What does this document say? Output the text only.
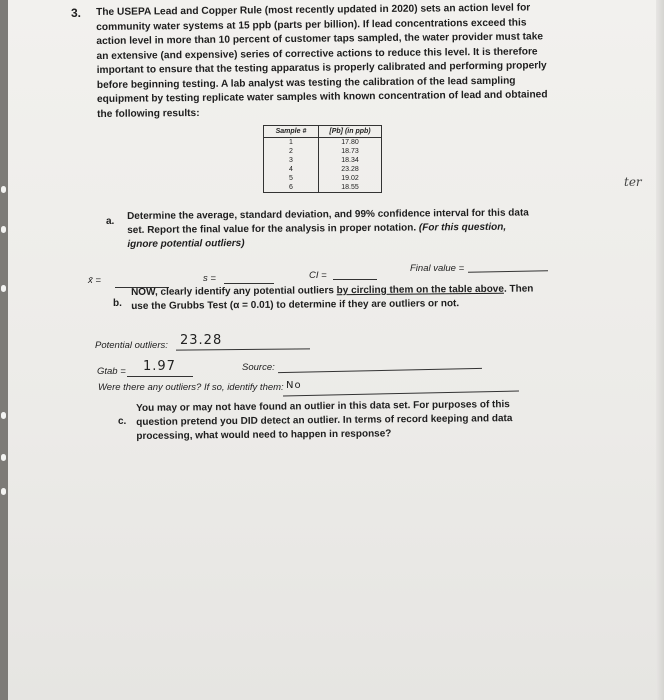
3. The USEPA Lead and Copper Rule (most recently updated in 2020) sets an action level for community water systems at 15 ppb (parts per billion). If lead concentrations exceed this action level in more than 10 percent of customer taps sampled, the water provider must take an extensive (and expensive) series of corrective actions to reduce this level. It is therefore important to ensure that the testing apparatus is properly calibrated and performing properly before beginning testing. A lab analyst was testing the calibration of the lead sampling equipment by testing replicate water samples with known concentration of lead and obtained the following results:
Sample #	[Pb] (in ppb)
1	17.80
2	18.73
3	18.34
4	23.28
5	19.02
6	18.55	ter
a. Determine the average, standard deviation, and 99% confidence interval for this data set. Report the final value for the analysis in proper notation. (For this question, ignore potential outliers)
x̄ =	s =	CI =
Final value =
b.
NOW, clearly identify any potential outliers by circling them on the table above. Then use the Grubbs Test (α = 0.01) to determine if they are outliers or not.
Potential outliers: 23.28
Gtab = 1.97	Source:
Were there any outliers? If so, identify them: No
c.
You may or may not have found an outlier in this data set. For purposes of this question pretend you DID detect an outlier. In terms of record keeping and data processing, what would need to happen in response?
